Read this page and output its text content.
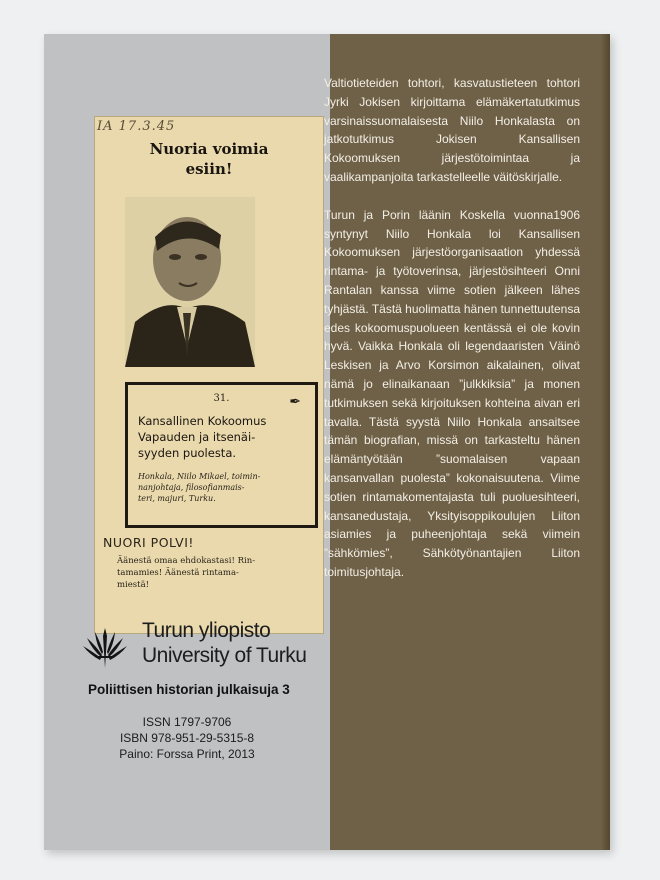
IA 17.3.45
Nuoria voimia
esiin!
31.	✒
Kansallinen Kokoomus
Vapauden ja itsenäi-
syyden puolesta.
Honkala, Niilo Mikael, toimin-
nanjohtaja, filosofianmais-
teri, majuri, Turku.
NUORI POLVI!
Äänestä omaa ehdokastasi! Rin-
tamamies! Äänestä rintama-
miestä!
Turun yliopisto
University of Turku
Poliittisen historian julkaisuja 3
ISSN 1797-9706
ISBN 978-951-29-5315-8
Paino: Forssa Print, 2013

Valtiotieteiden tohtori, kasvatustieteen tohtori Jyrki Jokisen kirjoittama elämäkertatutkimus varsinaissuomalaisesta Niilo Honkalasta on jatkotutkimus Jokisen Kansallisen Kokoomuksen järjestötoimintaa ja vaalikampanjoita tarkastelleelle väitöskirjalle.

Turun ja Porin läänin Koskella vuonna1906 syntynyt Niilo Honkala loi Kansallisen Kokoomuksen järjestöorganisaation yhdessä rintama- ja työtoverinsa, järjestösihteeri Onni Rantalan kanssa viime sotien jälkeen lähes tyhjästä. Tästä huolimatta hänen tunnettuutensa edes kokoomuspuolueen kentässä ei ole kovin hyvä. Vaikka Honkala oli legendaaristen Väinö Leskisen ja Arvo Korsimon aikalainen, olivat nämä jo elinaikanaan ”julkkiksia” ja monen tutkimuksen sekä kirjoituksen kohteina aivan eri tavalla. Tästä syystä Niilo Honkala ansaitsee tämän biografian, missä on tarkasteltu hänen elämäntyötään ”suomalaisen vapaan kansanvallan puolesta” kokonaisuutena. Viime sotien rintamakomentajasta tuli puoluesihteeri, kansanedustaja, Yksityisoppikoulujen Liiton asiamies ja puheenjohtaja sekä viimein ”sähkömies”, Sähkötyönantajien Liiton toimitusjohtaja.
